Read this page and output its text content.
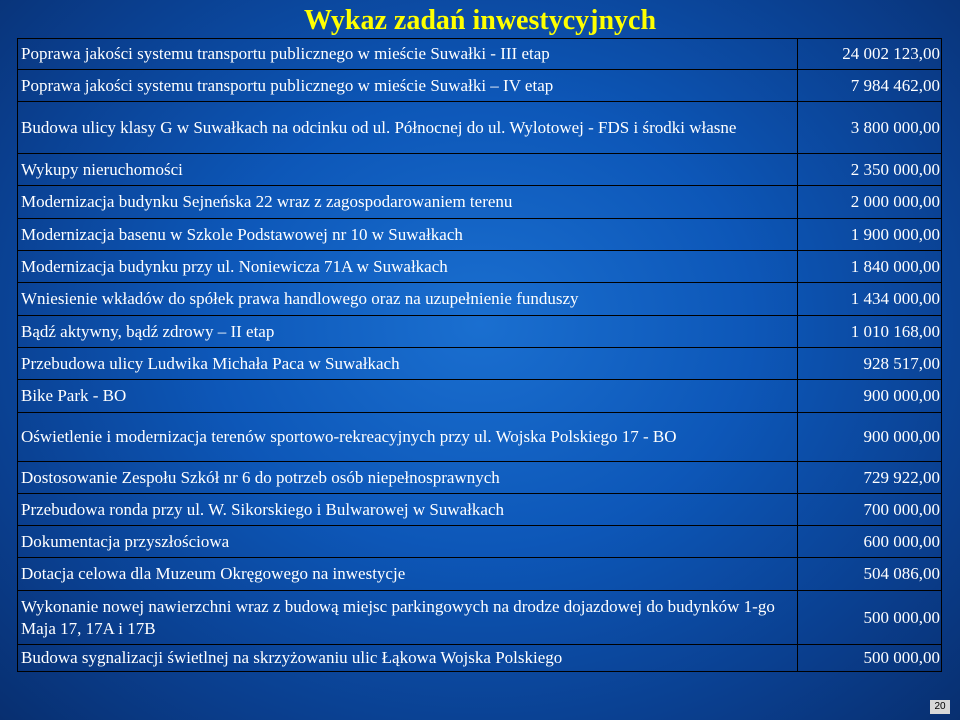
Wykaz zadań inwestycyjnych
Poprawa jakości systemu transportu publicznego w mieście Suwałki - III etap	24 002 123,00
Poprawa jakości systemu transportu publicznego w mieście Suwałki – IV etap	7 984 462,00
Budowa ulicy klasy G w Suwałkach na odcinku od ul. Północnej do ul. Wylotowej - FDS i środki własne	3 800 000,00
Wykupy nieruchomości	2 350 000,00
Modernizacja budynku Sejneńska 22 wraz z zagospodarowaniem terenu	2 000 000,00
Modernizacja basenu w Szkole Podstawowej nr 10 w Suwałkach	1 900 000,00
Modernizacja budynku przy ul. Noniewicza 71A w Suwałkach	1 840 000,00
Wniesienie wkładów do spółek prawa handlowego oraz na uzupełnienie funduszy	1 434 000,00
Bądź aktywny, bądź zdrowy – II etap	1 010 168,00
Przebudowa ulicy Ludwika Michała Paca w Suwałkach	928 517,00
Bike Park - BO	900 000,00
Oświetlenie i modernizacja terenów sportowo-rekreacyjnych przy ul. Wojska Polskiego 17 - BO	900 000,00
Dostosowanie Zespołu Szkół nr 6 do potrzeb osób niepełnosprawnych	729 922,00
Przebudowa ronda przy ul. W. Sikorskiego i Bulwarowej w Suwałkach	700 000,00
Dokumentacja przyszłościowa	600 000,00
Dotacja celowa dla Muzeum Okręgowego na inwestycje	504 086,00
Wykonanie nowej nawierzchni wraz z budową miejsc parkingowych na drodze dojazdowej do budynków 1-go Maja 17, 17A i 17B	500 000,00
Budowa sygnalizacji świetlnej na skrzyżowaniu ulic Łąkowa Wojska Polskiego	500 000,00
20
